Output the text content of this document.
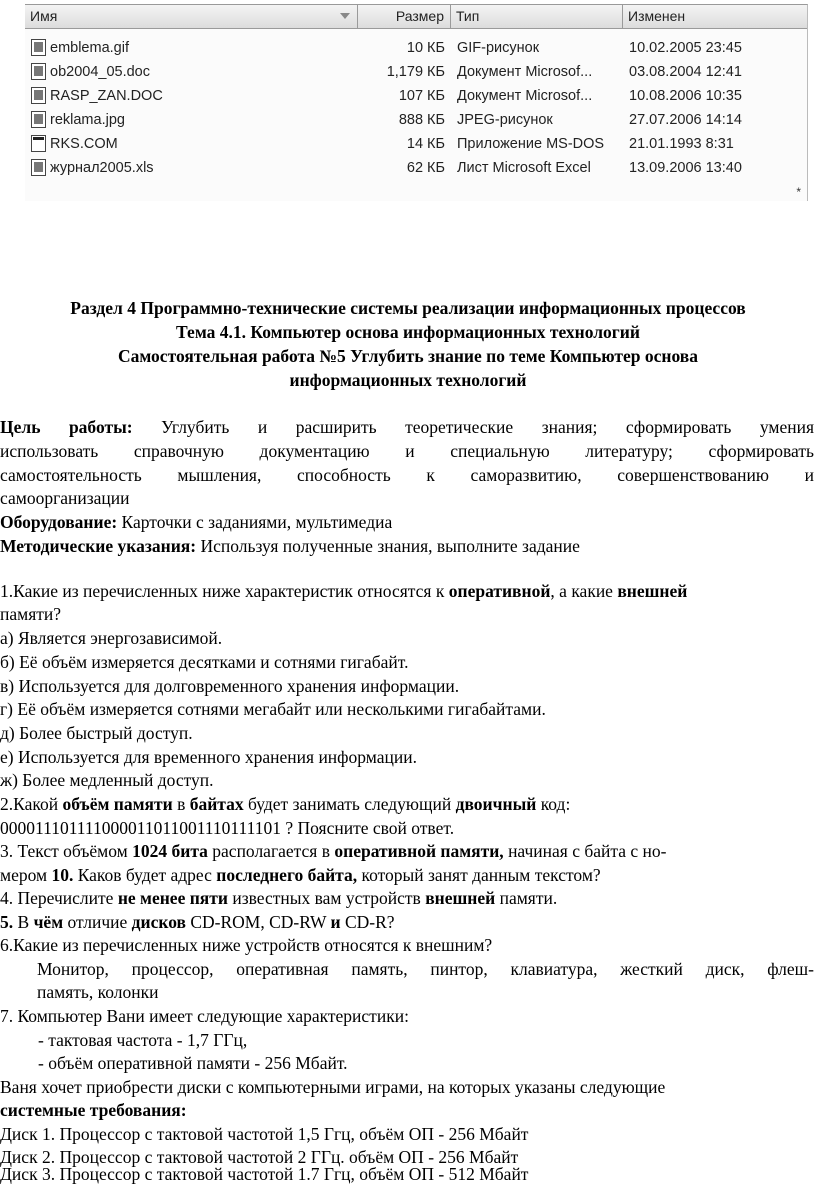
Имя	Размер Тип	Изменен
emblema.gif	10 КБ GIF-рисунок	10.02.2005 23:45
ob2004_05.doc	1,179 КБ Документ Microsof...	03.08.2004 12:41
RASP_ZAN.DOC	107 КБ Документ Microsof...	10.08.2006 10:35
reklama.jpg	888 КБ JPEG-рисунок	27.07.2006 14:14
RKS.COM	14 КБ Приложение MS-DOS	21.01.1993 8:31
журнал2005.xls	62 КБ Лист Microsoft Excel	13.09.2006 13:40
*
Раздел 4 Программно-технические системы реализации информационных процессов
Тема 4.1. Компьютер основа информационных технологий
Самостоятельная работа №5 Углубить знание по теме Компьютер основа
информационных технологий
Цель работы: Углубить и расширить теоретические знания; сформировать умения
использовать справочную документацию и специальную литературу; сформировать
самостоятельность мышления, способность к саморазвитию, совершенствованию и
самоорганизации
Оборудование: Карточки с заданиями, мультимедиа
Методические указания: Используя полученные знания, выполните задание
1.Какие из перечисленных ниже характеристик относятся к оперативной, а какие внешней
памяти?
а) Является энергозависимой.
б) Её объём измеряется десятками и сотнями гигабайт.
в) Используется для долговременного хранения информации.
г) Её объём измеряется сотнями мегабайт или несколькими гигабайтами.
д) Более быстрый доступ.
е) Используется для временного хранения информации.
ж) Более медленный доступ.
2.Какой объём памяти в байтах будет занимать следующий двоичный код:
000011101111000011011001110111101 ? Поясните свой ответ.
3. Текст объёмом 1024 бита располагается в оперативной памяти, начиная с байта с но-
мером 10. Каков будет адрес последнего байта, который занят данным текстом?
4. Перечислите не менее пяти известных вам устройств внешней памяти.
5. В чём отличие дисков CD-ROM, CD-RW и CD-R?
6.Какие из перечисленных ниже устройств относятся к внешним?
Монитор, процессор, оперативная память, пинтор, клавиатура, жесткий диск, флеш-
память, колонки
7. Компьютер Вани имеет следующие характеристики:
- тактовая частота - 1,7 ГГц,
- объём оперативной памяти - 256 Мбайт.
Ваня хочет приобрести диски с компьютерными играми, на которых указаны следующие
системные требования:
Диск 1. Процессор с тактовой частотой 1,5 Ггц, объём ОП - 256 Мбайт
Диск 2. Процессор с тактовой частотой 2 ГГц. объём ОП - 256 Мбайт
Диск 3. Процессор с тактовой частотой 1.7 Ггц, объём ОП - 512 Мбайт
